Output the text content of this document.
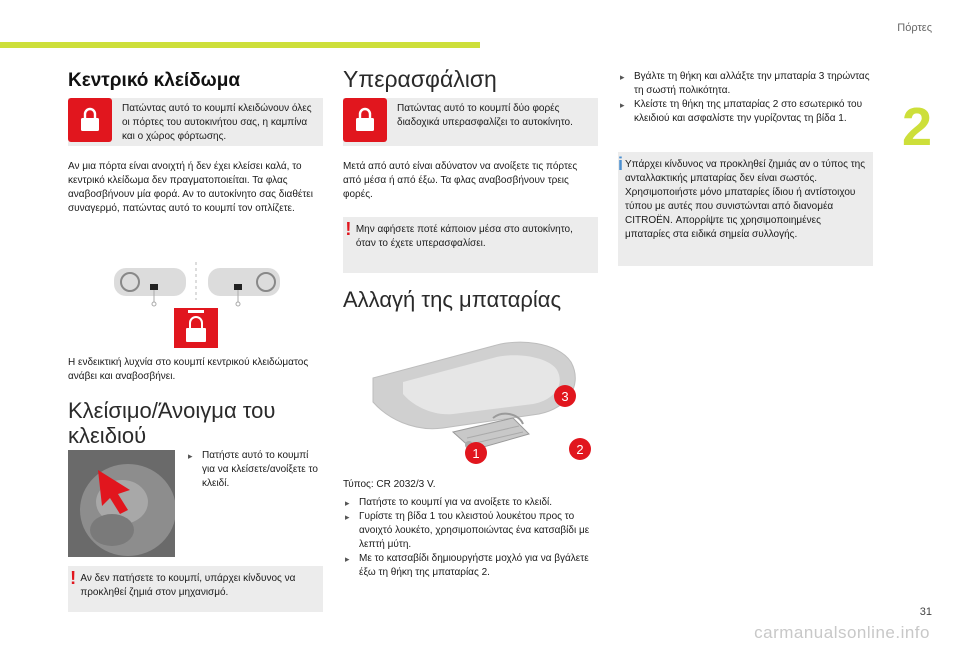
Πόρτες
2
31
carmanualsonline.info
Κεντρικό κλείδωμα

Πατώντας αυτό το κουμπί κλειδώνουν όλες οι πόρτες του αυτοκινήτου σας, η καμπίνα και ο χώρος φόρτωσης.

Αν μια πόρτα είναι ανοιχτή ή δεν έχει κλείσει καλά, το κεντρικό κλείδωμα δεν πραγματοποιείται. Τα φλας αναβοσβήνουν μία φορά. Αν το αυτοκίνητο σας διαθέτει συναγερμό, πατώντας αυτό το κουμπί τον οπλίζετε.

Η ενδεικτική λυχνία στο κουμπί κεντρικού κλειδώματος ανάβει και αναβοσβήνει.

Κλείσιμο/Άνοιγμα του κλειδιού
▸ Πατήστε αυτό το κουμπί για να κλείσετε/ανοίξετε το κλειδί.
! Αν δεν πατήσετε το κουμπί, υπάρχει κίνδυνος να προκληθεί ζημιά στον μηχανισμό.

Υπερασφάλιση

Πατώντας αυτό το κουμπί δύο φορές διαδοχικά υπερασφαλίζει το αυτοκίνητο.

Μετά από αυτό είναι αδύνατον να ανοίξετε τις πόρτες από μέσα ή από έξω. Τα φλας αναβοσβήνουν τρεις φορές.

! Μην αφήσετε ποτέ κάποιον μέσα στο αυτοκίνητο, όταν το έχετε υπερασφαλίσει.

Αλλαγή της μπαταρίας
1	2
3

Τύπος: CR 2032/3 V.

▸ Πατήστε το κουμπί για να ανοίξετε το κλειδί.
▸ Γυρίστε τη βίδα 1 του κλειστού λουκέτου προς το ανοιχτό λουκέτο, χρησιμοποιώντας ένα κατσαβίδι με λεπτή μύτη.
▸ Με το κατσαβίδι δημιουργήστε μοχλό για να βγάλετε έξω τη θήκη της μπαταρίας 2.
▸ Βγάλτε τη θήκη και αλλάξτε την μπαταρία 3 τηρώντας τη σωστή πολικότητα.
▸ Κλείστε τη θήκη της μπαταρίας 2 στο εσωτερικό του κλειδιού και ασφαλίστε την γυρίζοντας τη βίδα 1.
i Υπάρχει κίνδυνος να προκληθεί ζημιάς αν ο τύπος της ανταλλακτικής μπαταρίας δεν είναι σωστός. Χρησιμοποιήστε μόνο μπαταρίες ίδιου ή αντίστοιχου τύπου με αυτές που συνιστώνται από διανομέα CITROËN. Απορρίψτε τις χρησιμοποιημένες μπαταρίες στα ειδικά σημεία συλλογής.
